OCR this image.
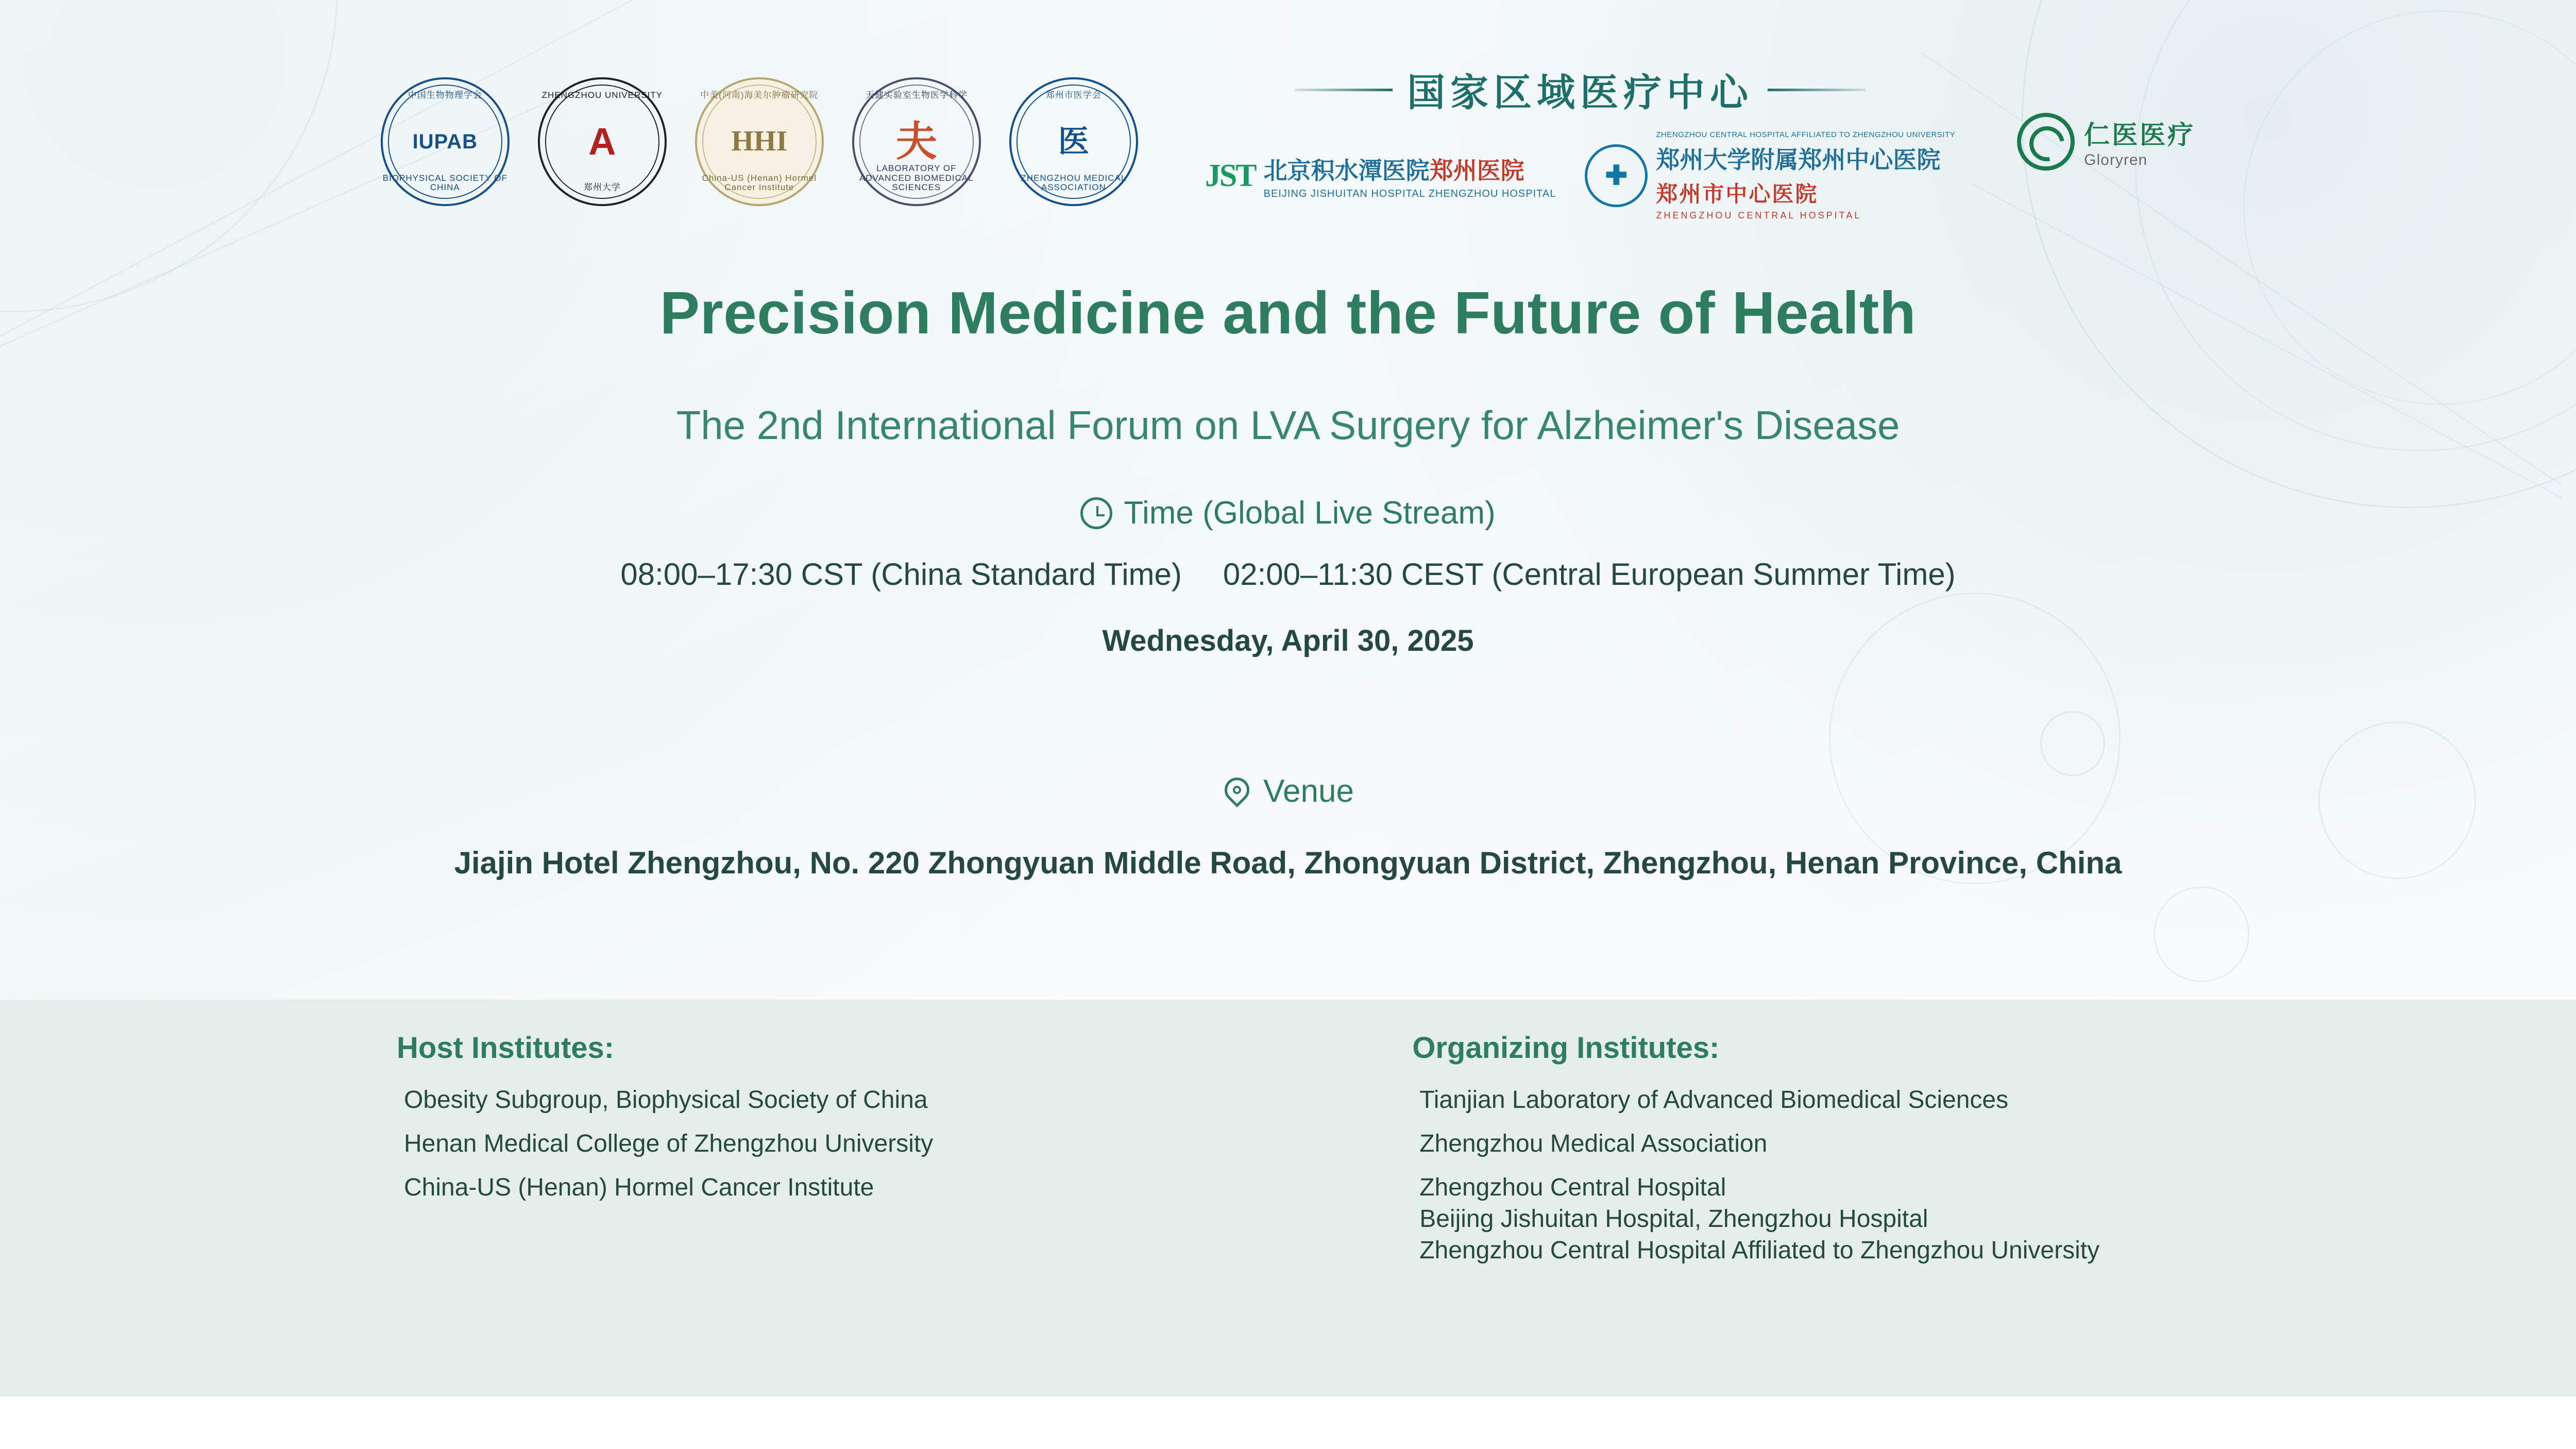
中国生物物理学会
IUPAB
BIOPHYSICAL SOCIETY OF CHINA
ZHENGZHOU UNIVERSITY
А
郑州大学
中美(河南)海美尔肿瘤研究院
HHI
China-US (Henan) Hormel Cancer Institute
天健实验室生物医学科学
夫
LABORATORY OF ADVANCED BIOMEDICAL SCIENCES
郑州市医学会
医
ZHENGZHOU MEDICAL ASSOCIATION
国家区域医疗中心
JST 北京积水潭医院郑州医院
BEIJING JISHUITAN HOSPITAL ZHENGZHOU HOSPITAL
✚
ZHENGZHOU CENTRAL HOSPITAL AFFILIATED TO ZHENGZHOU UNIVERSITY
郑州大学附属郑州中心医院
郑州市中心医院
ZHENGZHOU CENTRAL HOSPITAL
仁医医疗
Gloryren
Precision Medicine and the Future of Health
The 2nd International Forum on LVA Surgery for Alzheimer's Disease
Time (Global Live Stream)
08:00–17:30 CST (China Standard Time) 02:00–11:30 CEST (Central European Summer Time)
Wednesday, April 30, 2025
Venue
Jiajin Hotel Zhengzhou, No. 220 Zhongyuan Middle Road, Zhongyuan District, Zhengzhou, Henan Province, China
Host Institutes:
Obesity Subgroup, Biophysical Society of China
Henan Medical College of Zhengzhou University
China-US (Henan) Hormel Cancer Institute
Organizing Institutes:
Tianjian Laboratory of Advanced Biomedical Sciences
Zhengzhou Medical Association
Zhengzhou Central Hospital
Beijing Jishuitan Hospital, Zhengzhou Hospital
Zhengzhou Central Hospital Affiliated to Zhengzhou University
